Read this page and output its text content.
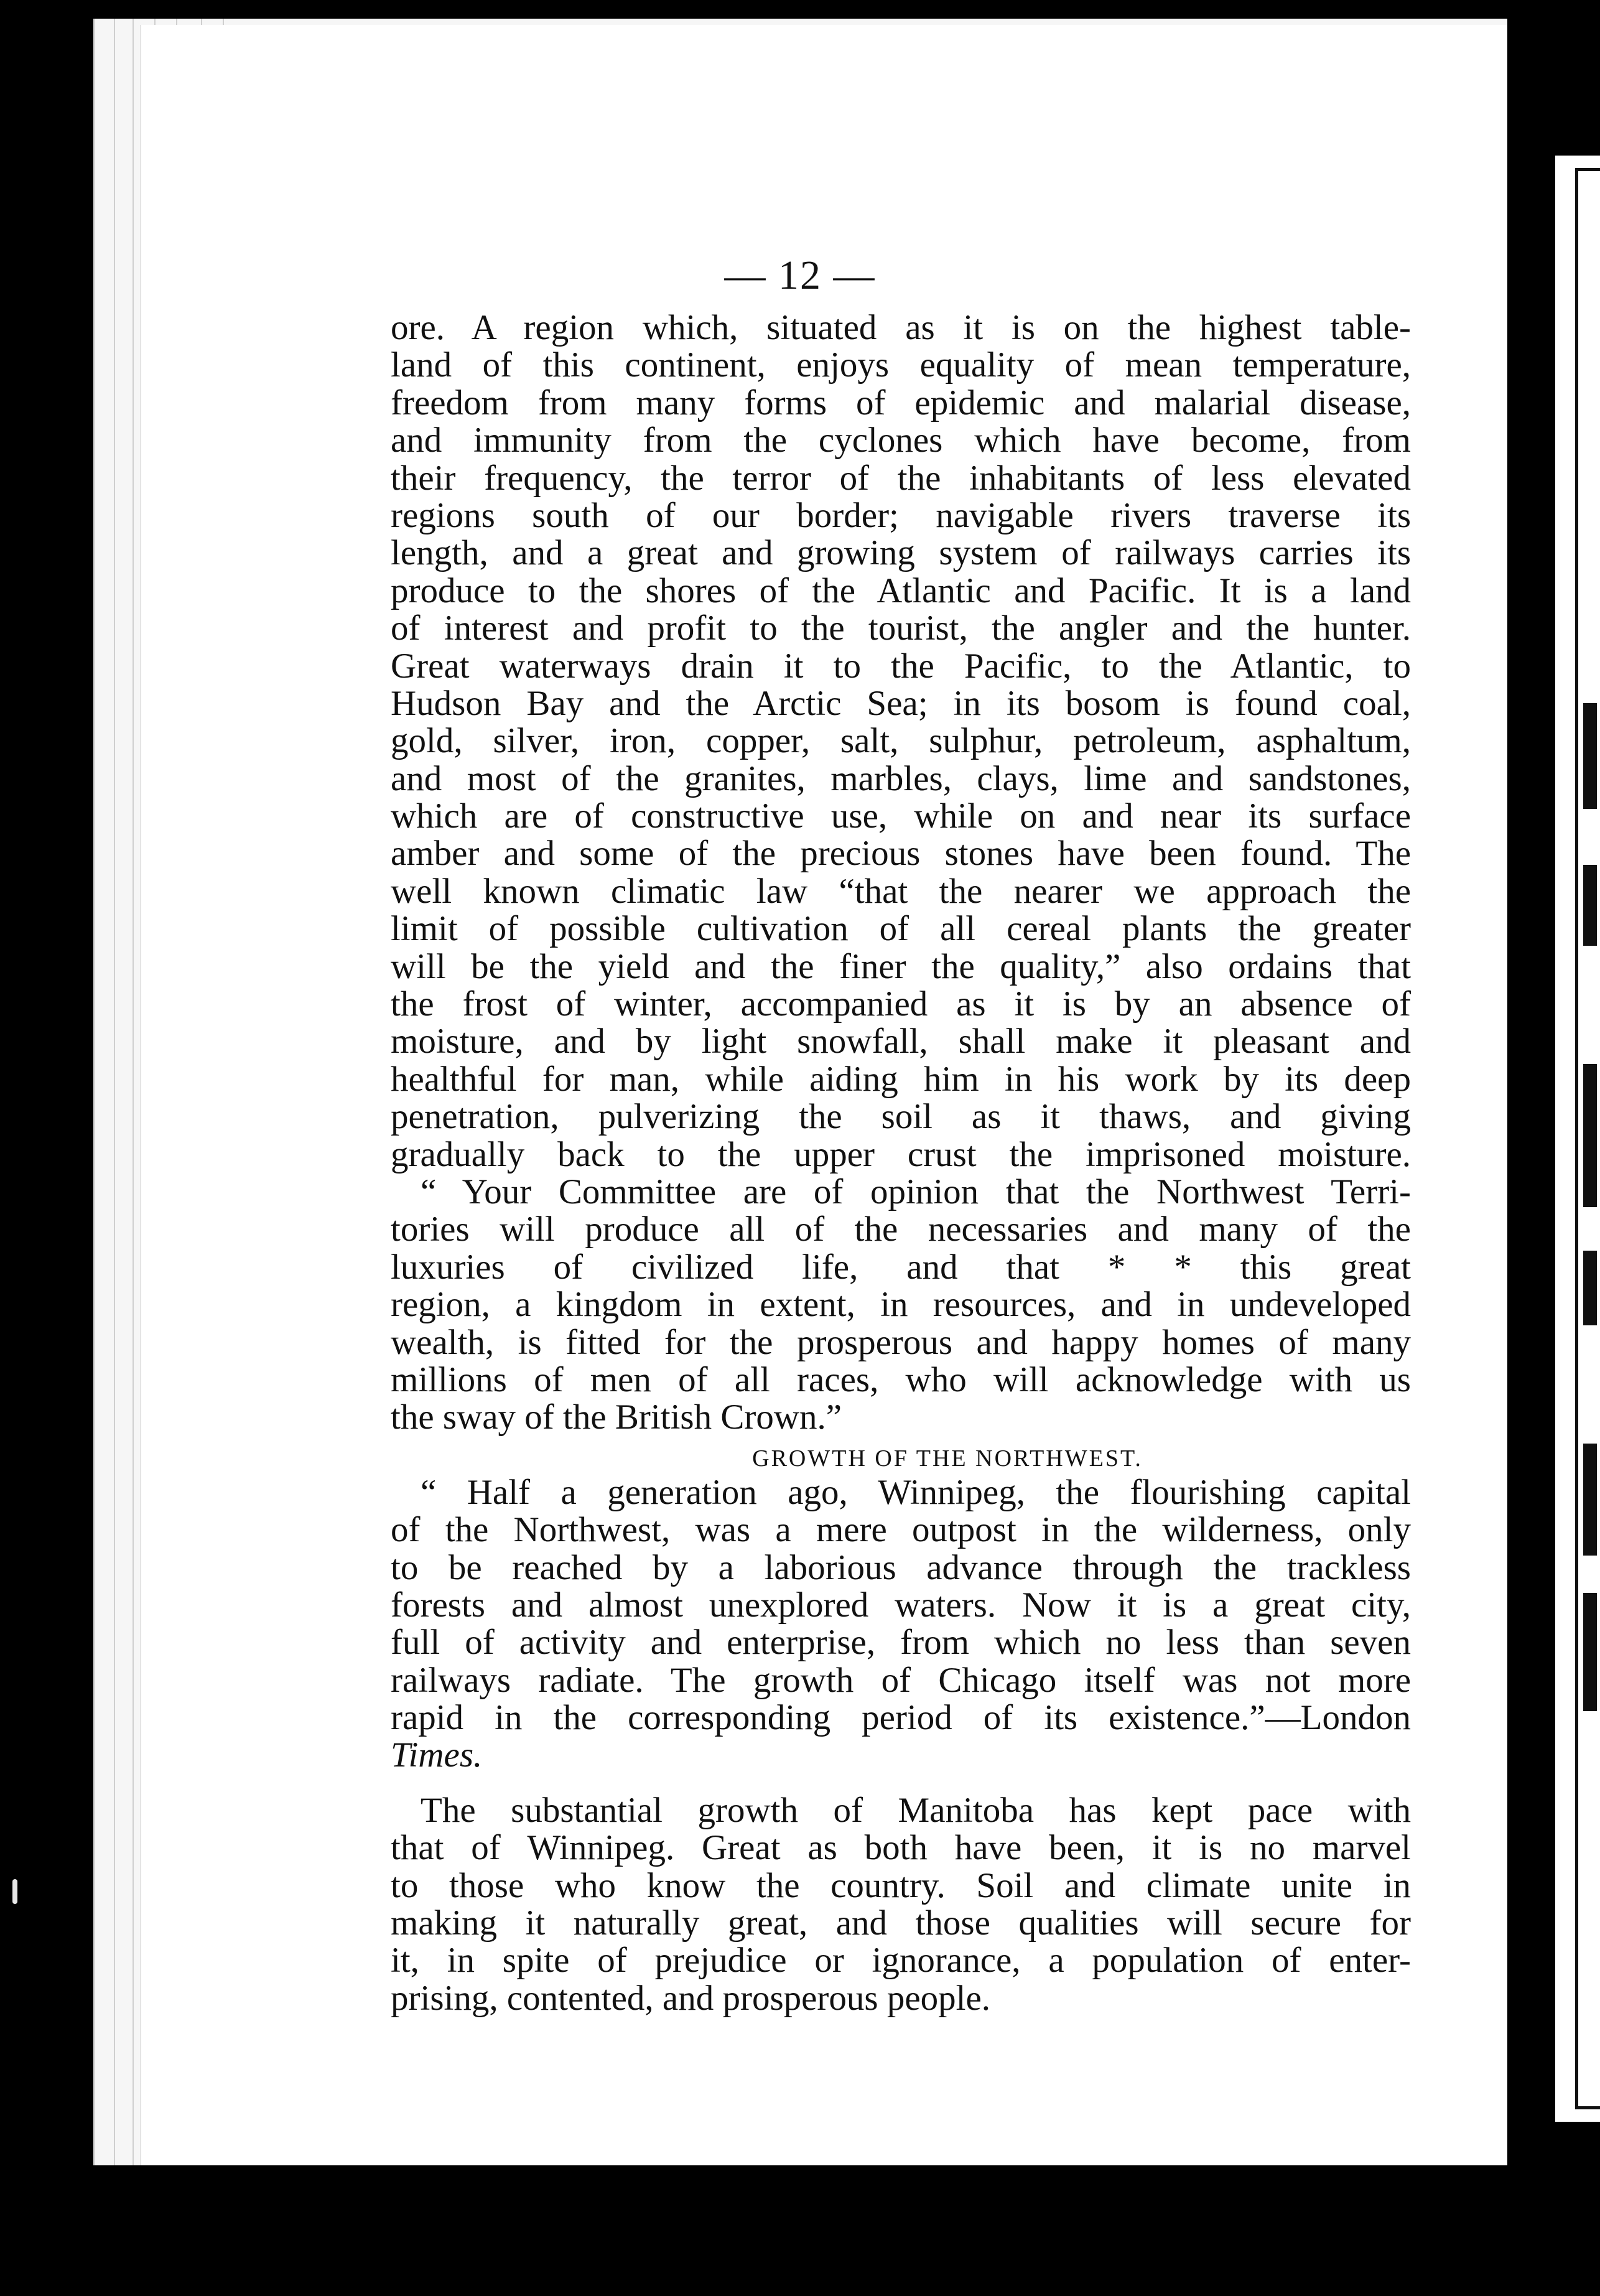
— 12 —
ore. A region which, situated as it is on the highest table-
land of this continent, enjoys equality of mean temperature,
freedom from many forms of epidemic and malarial disease,
and immunity from the cyclones which have become, from
their frequency, the terror of the inhabitants of less elevated
regions south of our border; navigable rivers traverse its
length, and a great and growing system of railways carries its
produce to the shores of the Atlantic and Pacific. It is a land
of interest and profit to the tourist, the angler and the hunter.
Great waterways drain it to the Pacific, to the Atlantic, to
Hudson Bay and the Arctic Sea; in its bosom is found coal,
gold, silver, iron, copper, salt, sulphur, petroleum, asphaltum,
and most of the granites, marbles, clays, lime and sandstones,
which are of constructive use, while on and near its surface
amber and some of the precious stones have been found. The
well known climatic law “that the nearer we approach the
limit of possible cultivation of all cereal plants the greater
will be the yield and the finer the quality,” also ordains that
the frost of winter, accompanied as it is by an absence of
moisture, and by light snowfall, shall make it pleasant and
healthful for man, while aiding him in his work by its deep
penetration, pulverizing the soil as it thaws, and giving
gradually back to the upper crust the imprisoned moisture.
“ Your Committee are of opinion that the Northwest Terri-
tories will produce all of the necessaries and many of the
luxuries of civilized life, and that * * this great
region, a kingdom in extent, in resources, and in undeveloped
wealth, is fitted for the prosperous and happy homes of many
millions of men of all races, who will acknowledge with us
the sway of the British Crown.”
GROWTH OF THE NORTHWEST.
“ Half a generation ago, Winnipeg, the flourishing capital
of the Northwest, was a mere outpost in the wilderness, only
to be reached by a laborious advance through the trackless
forests and almost unexplored waters. Now it is a great city,
full of activity and enterprise, from which no less than seven
railways radiate. The growth of Chicago itself was not more
rapid in the corresponding period of its existence.”—London
Times.
The substantial growth of Manitoba has kept pace with
that of Winnipeg. Great as both have been, it is no marvel
to those who know the country. Soil and climate unite in
making it naturally great, and those qualities will secure for
it, in spite of prejudice or ignorance, a population of enter-
prising, contented, and prosperous people.
